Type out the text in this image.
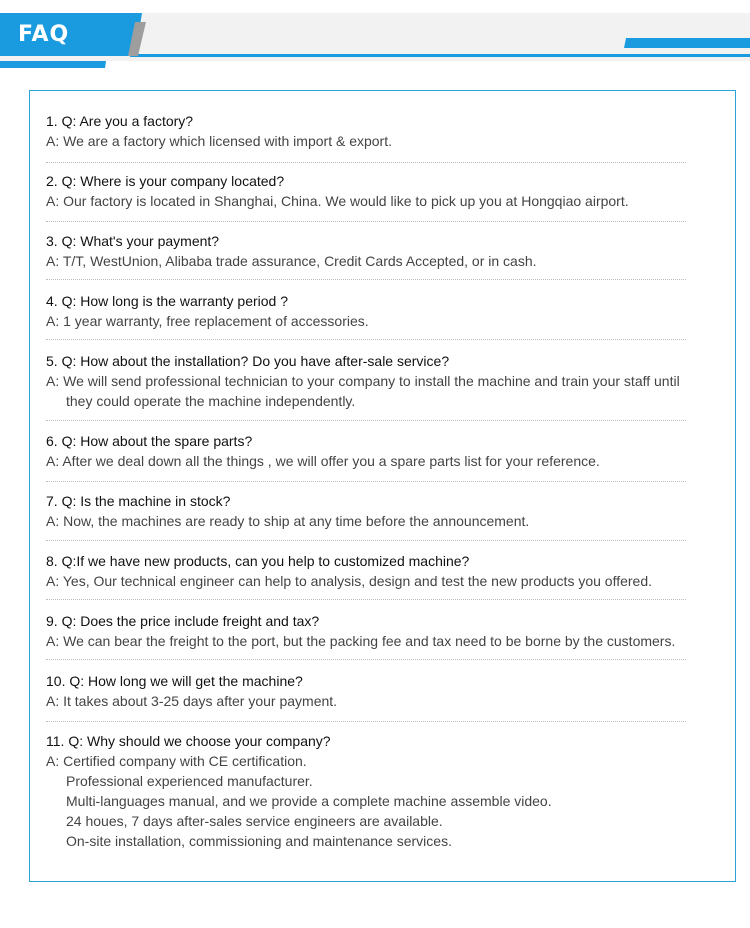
FAQ
1. Q: Are you a factory?
A: We are a factory which licensed with import & export.
2. Q: Where is your company located?
A: Our factory is located in Shanghai, China. We would like to pick up you at Hongqiao airport.
3. Q: What's your payment?
A: T/T, WestUnion, Alibaba trade assurance, Credit Cards Accepted, or in cash.
4. Q: How long is the warranty period ?
A: 1 year warranty, free replacement of accessories.
5. Q: How about the installation? Do you have after-sale service?
A: We will send professional technician to your company to install the machine and train your staff until
they could operate the machine independently.
6. Q: How about the spare parts?
A: After we deal down all the things , we will offer you a spare parts list for your reference.
7. Q: Is the machine in stock?
A: Now, the machines are ready to ship at any time before the announcement.
8. Q:If we have new products, can you help to customized machine?
A: Yes, Our technical engineer can help to analysis, design and test the new products you offered.
9. Q: Does the price include freight and tax?
A: We can bear the freight to the port, but the packing fee and tax need to be borne by the customers.
10. Q: How long we will get the machine?
A: It takes about 3-25 days after your payment.
11. Q: Why should we choose your company?
A: Certified company with CE certification.
Professional experienced manufacturer.
Multi-languages manual, and we provide a complete machine assemble video.
24 houes, 7 days after-sales service engineers are available.
On-site installation, commissioning and maintenance services.
